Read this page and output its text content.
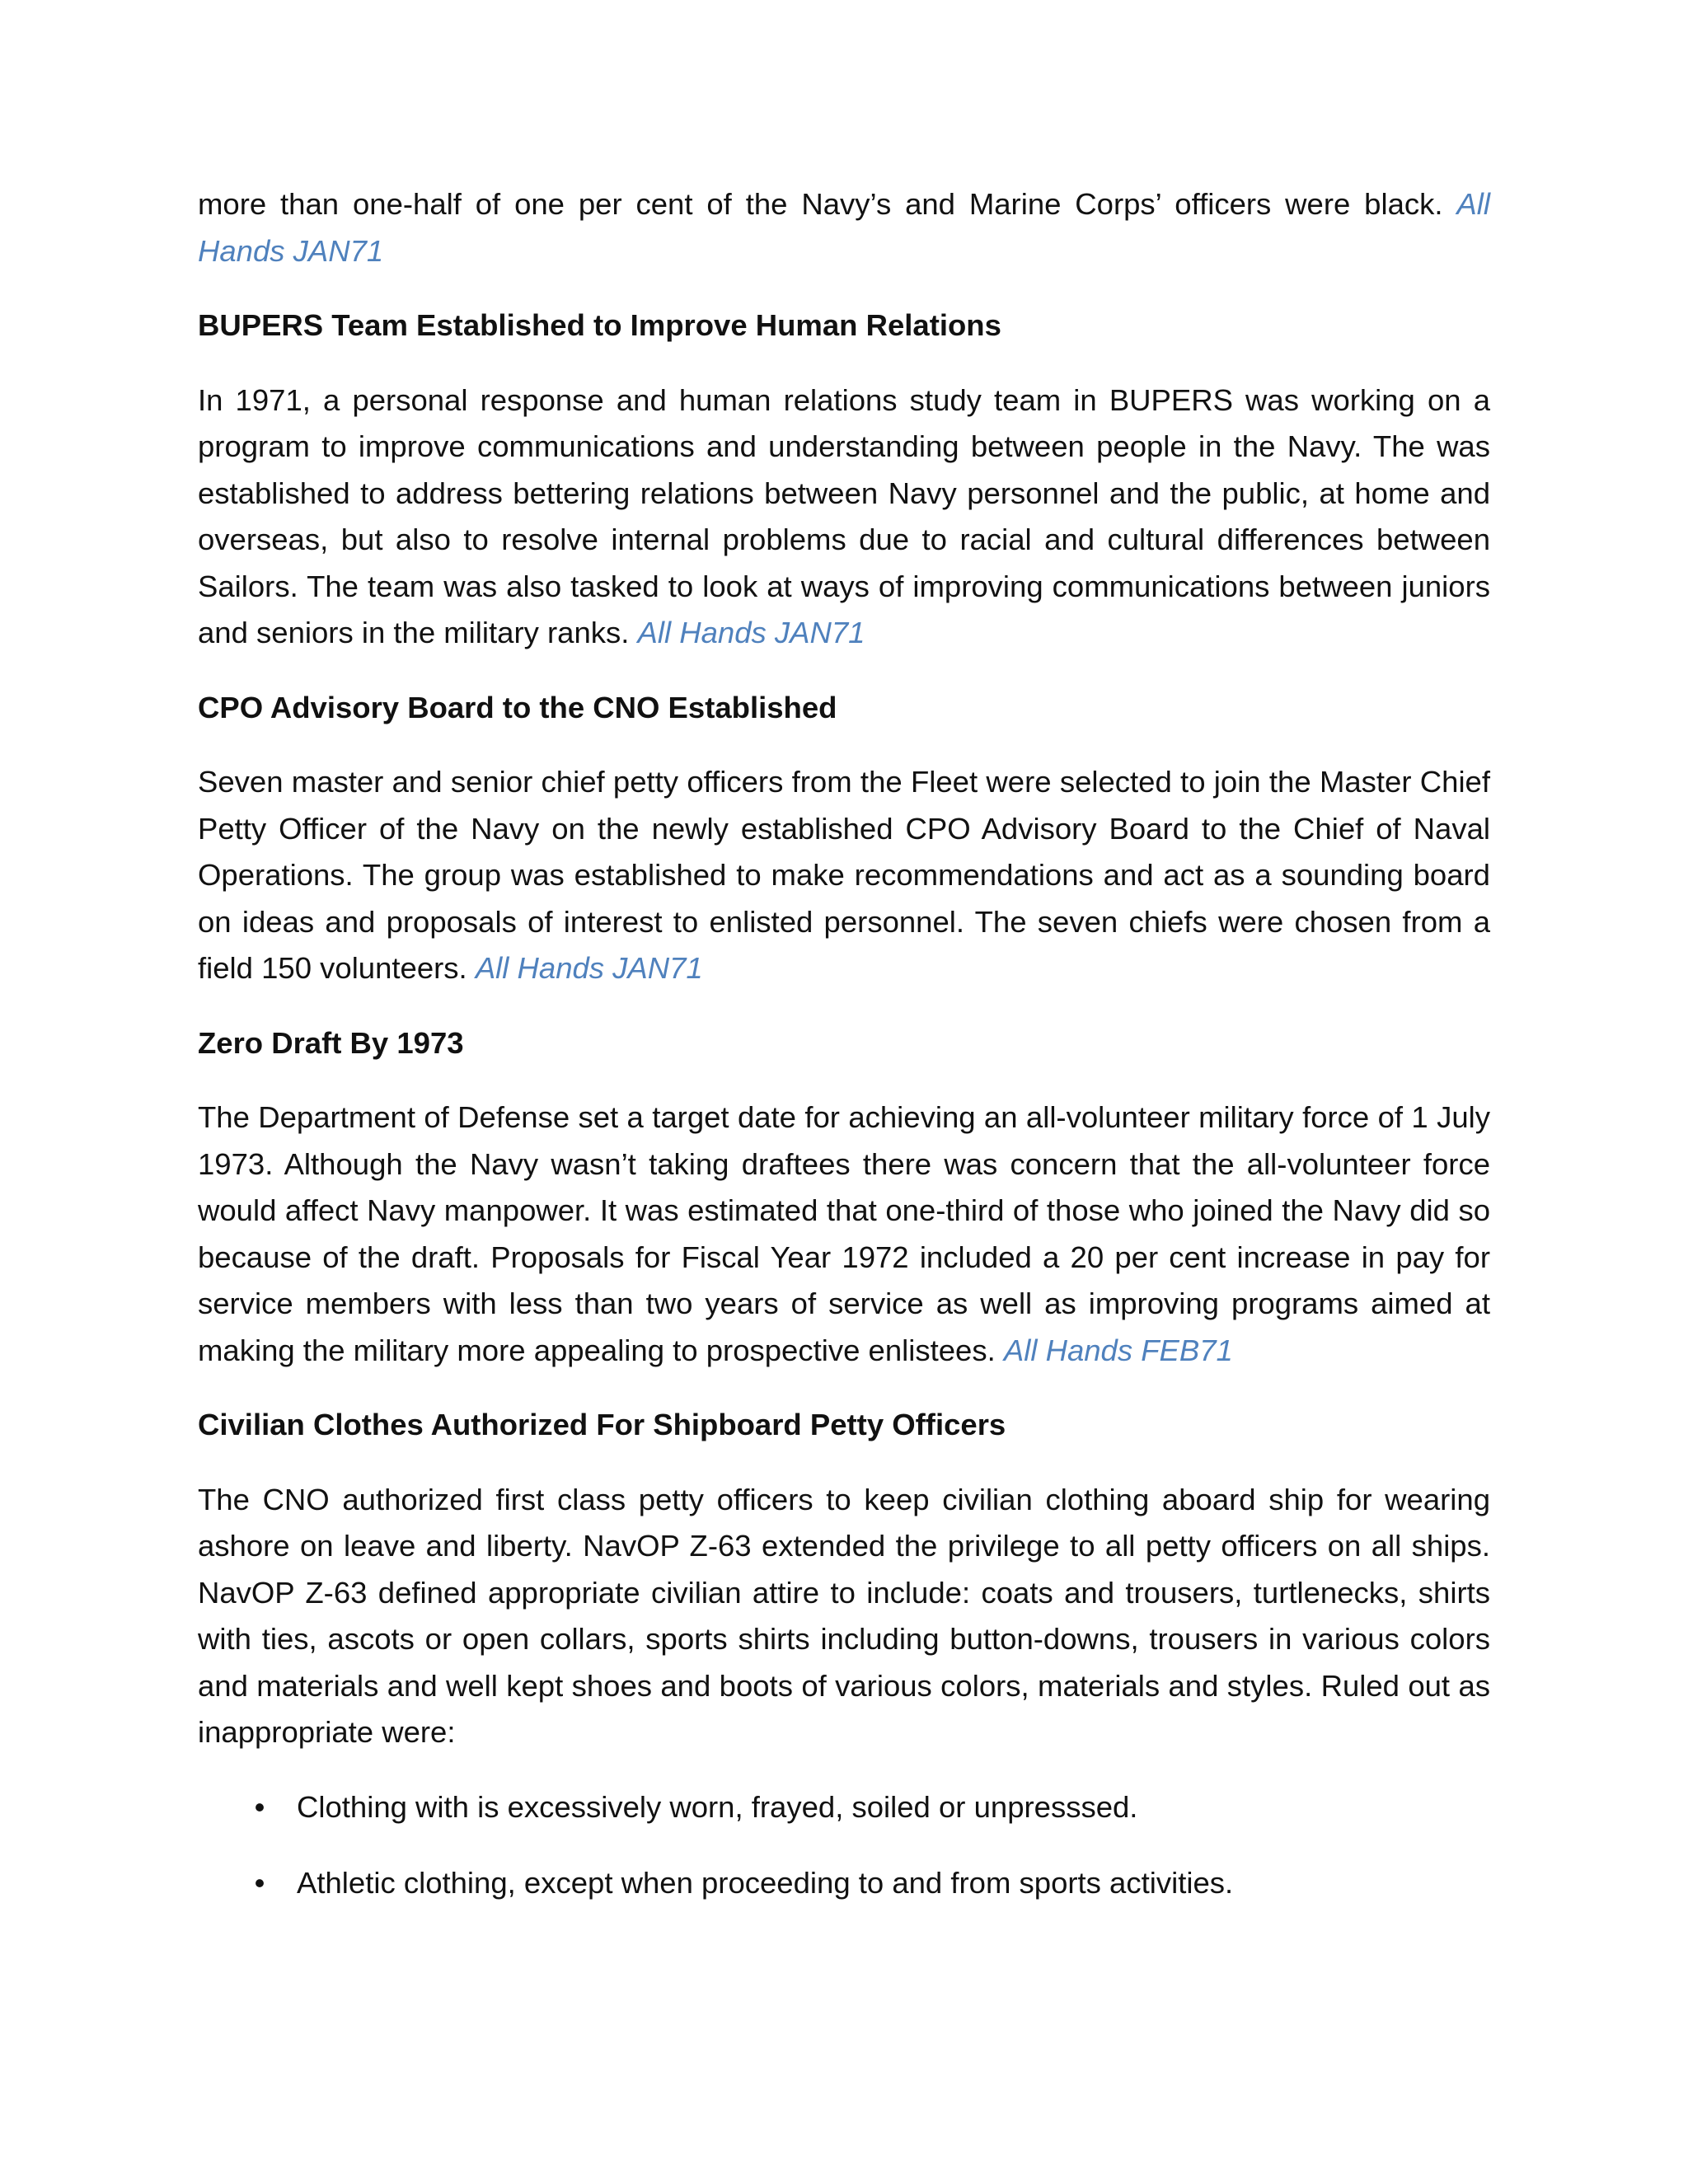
more than one-half of one per cent of the Navy’s and Marine Corps’ officers were black. All Hands JAN71

BUPERS Team Established to Improve Human Relations

In 1971, a personal response and human relations study team in BUPERS was working on a program to improve communications and understanding between people in the Navy. The was established to address bettering relations between Navy personnel and the public, at home and overseas, but also to resolve internal problems due to racial and cultural differences between Sailors. The team was also tasked to look at ways of improving communications between juniors and seniors in the military ranks. All Hands JAN71

CPO Advisory Board to the CNO Established

Seven master and senior chief petty officers from the Fleet were selected to join the Master Chief Petty Officer of the Navy on the newly established CPO Advisory Board to the Chief of Naval Operations. The group was established to make recommendations and act as a sounding board on ideas and proposals of interest to enlisted personnel. The seven chiefs were chosen from a field 150 volunteers. All Hands JAN71

Zero Draft By 1973

The Department of Defense set a target date for achieving an all-volunteer military force of 1 July 1973. Although the Navy wasn’t taking draftees there was concern that the all-volunteer force would affect Navy manpower. It was estimated that one-third of those who joined the Navy did so because of the draft. Proposals for Fiscal Year 1972 included a 20 per cent increase in pay for service members with less than two years of service as well as improving programs aimed at making the military more appealing to prospective enlistees. All Hands FEB71

Civilian Clothes Authorized For Shipboard Petty Officers

The CNO authorized first class petty officers to keep civilian clothing aboard ship for wearing ashore on leave and liberty. NavOP Z-63 extended the privilege to all petty officers on all ships. NavOP Z-63 defined appropriate civilian attire to include: coats and trousers, turtlenecks, shirts with ties, ascots or open collars, sports shirts including button-downs, trousers in various colors and materials and well kept shoes and boots of various colors, materials and styles. Ruled out as inappropriate were:

• Clothing with is excessively worn, frayed, soiled or unpresssed.
• Athletic clothing, except when proceeding to and from sports activities.
